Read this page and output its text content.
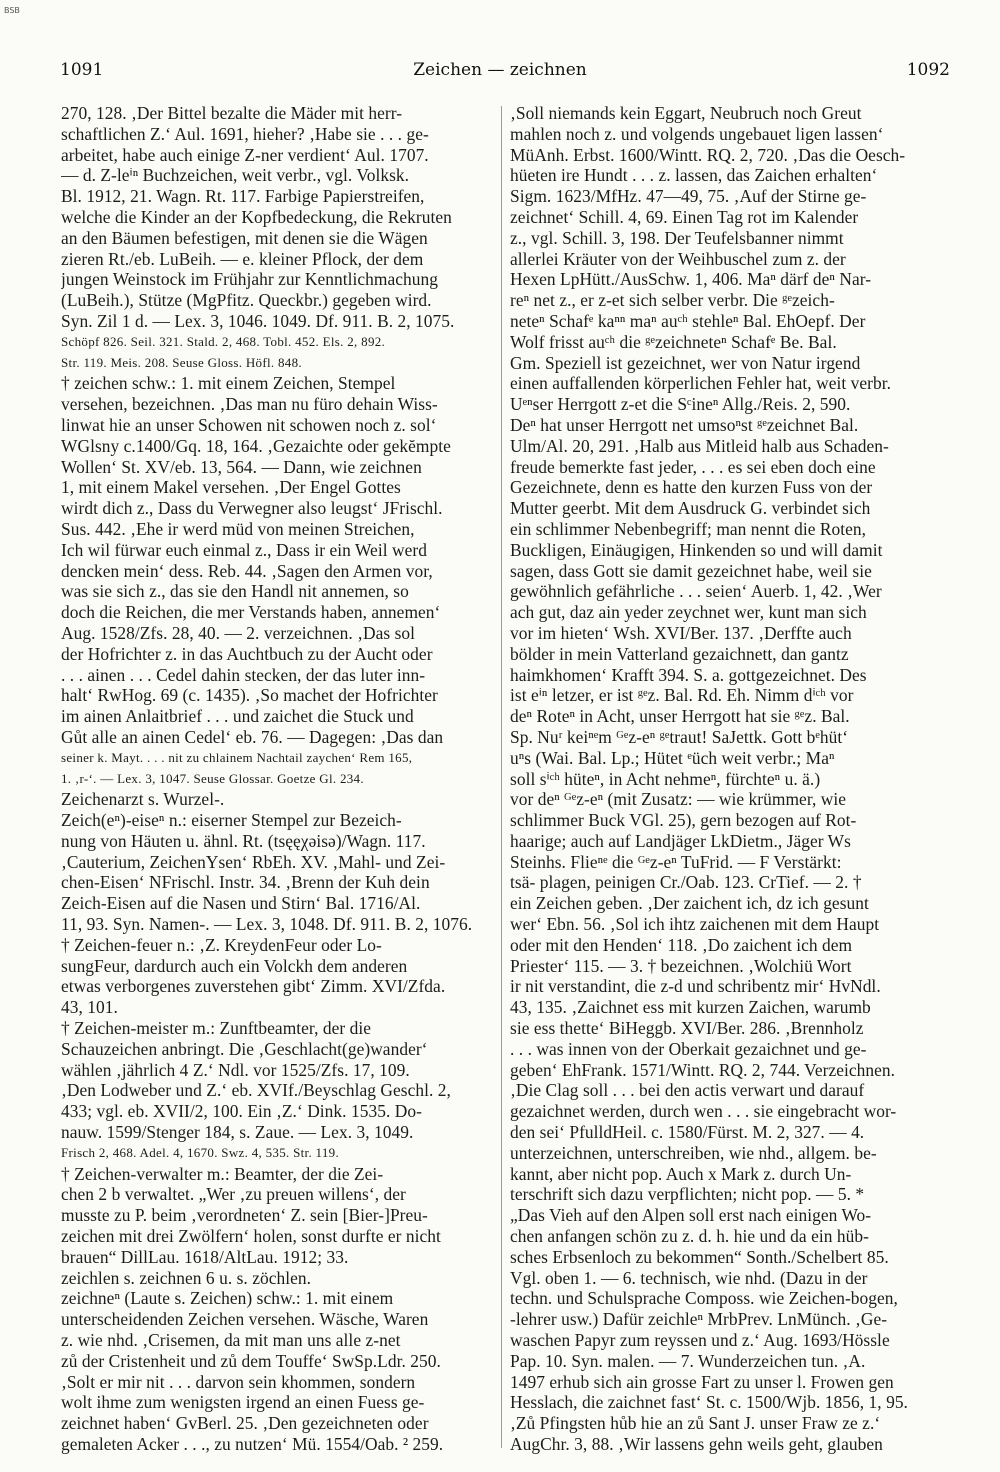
BSB
1091	Zeichen — zeichnen	1092
270, 128. ‚Der Bittel bezalte die Mäder mit herr-
schaftlichen Z.‘ Aul. 1691, hieher? ‚Habe sie . . . ge-
arbeitet, habe auch einige Z-ner verdient‘ Aul. 1707.
— d. Z-leⁱⁿ Buchzeichen, weit verbr., vgl. Volksk.
Bl. 1912, 21. Wagn. Rt. 117. Farbige Papierstreifen,
welche die Kinder an der Kopfbedeckung, die Rekruten
an den Bäumen befestigen, mit denen sie die Wägen
zieren Rt./eb. LuBeih. — e. kleiner Pflock, der dem
jungen Weinstock im Frühjahr zur Kenntlichmachung
(LuBeih.), Stütze (MgPfitz. Queckbr.) gegeben wird.
Syn. Zil 1 d. — Lex. 3, 1046. 1049. Df. 911. B. 2, 1075.
Schöpf 826. Seil. 321. Stald. 2, 468. Tobl. 452. Els. 2, 892.
Str. 119. Meis. 208. Seuse Gloss. Höfl. 848.
† zeichen schw.: 1. mit einem Zeichen, Stempel
versehen, bezeichnen. ‚Das man nu füro dehain Wiss-
linwat hie an unser Schowen nit schowen noch z. sol‘
WGlsny c.1400/Gq. 18, 164. ‚Gezaichte oder gekĕmpte
Wollen‘ St. XV/eb. 13, 564. — Dann, wie zeichnen
1, mit einem Makel versehen. ‚Der Engel Gottes
wirdt dich z., Dass du Verwegner also leugst‘ JFrischl.
Sus. 442. ‚Ehe ir werd müd von meinen Streichen,
Ich wil fürwar euch einmal z., Dass ir ein Weil werd
dencken mein‘ dess. Reb. 44. ‚Sagen den Armen vor,
was sie sich z., das sie den Handl nit annemen, so
doch die Reichen, die mer Verstands haben, annemen‘
Aug. 1528/Zfs. 28, 40. — 2. verzeichnen. ‚Das sol
der Hofrichter z. in das Auchtbuch zu der Aucht oder
. . . ainen . . . Cedel dahin stecken, der das luter inn-
halt‘ RwHog. 69 (c. 1435). ‚So machet der Hofrichter
im ainen Anlaitbrief . . . und zaichet die Stuck und
Gůt alle an ainen Cedel‘ eb. 76. — Dagegen: ‚Das dan
seiner k. Mayt. . . . nit zu chlainem Nachtail zaychen‘ Rem 165,
1. ‚r-‘. — Lex. 3, 1047. Seuse Glossar. Goetze Gl. 234.
Zeichenarzt s. Wurzel-.
Zeich(eⁿ)-eiseⁿ n.: eiserner Stempel zur Bezeich-
nung von Häuten u. ähnl. Rt. (tsęęχəisə)/Wagn. 117.
‚Cauterium, ZeichenYsen‘ RbEh. XV. ‚Mahl- und Zei-
chen-Eisen‘ NFrischl. Instr. 34. ‚Brenn der Kuh dein
Zeich-Eisen auf die Nasen und Stirn‘ Bal. 1716/Al.
11, 93. Syn. Namen-. — Lex. 3, 1048. Df. 911. B. 2, 1076.
† Zeichen-feuer n.: ‚Z. KreydenFeur oder Lo-
sungFeur, dardurch auch ein Volckh dem anderen
etwas verborgenes zuverstehen gibt‘ Zimm. XVI/Zfda.
43, 101.
† Zeichen-meister m.: Zunftbeamter, der die
Schauzeichen anbringt. Die ‚Geschlacht(ge)wander‘
wählen ‚jährlich 4 Z.‘ Ndl. vor 1525/Zfs. 17, 109.
‚Den Lodweber und Z.‘ eb. XVIf./Beyschlag Geschl. 2,
433; vgl. eb. XVII/2, 100. Ein ‚Z.‘ Dink. 1535. Do-
nauw. 1599/Stenger 184, s. Zaue. — Lex. 3, 1049.
Frisch 2, 468. Adel. 4, 1670. Swz. 4, 535. Str. 119.
† Zeichen-verwalter m.: Beamter, der die Zei-
chen 2 b verwaltet. „Wer ‚zu preuen willens‘, der
musste zu P. beim ‚verordneten‘ Z. sein [Bier-]Preu-
zeichen mit drei Zwölfern‘ holen, sonst durfte er nicht
brauen“ DillLau. 1618/AltLau. 1912; 33.
zeichlen s. zeichnen 6 u. s. zöchlen.
zeichneⁿ (Laute s. Zeichen) schw.: 1. mit einem
unterscheidenden Zeichen versehen. Wäsche, Waren
z. wie nhd. ‚Crisemen, da mit man uns alle z-net
zů der Cristenheit und zů dem Touffe‘ SwSp.Ldr. 250.
‚Solt er mir nit . . . darvon sein khommen, sondern
wolt ihme zum wenigsten irgend an einen Fuess ge-
zeichnet haben‘ GvBerl. 25. ‚Den gezeichneten oder
gemaleten Acker . . ., zu nutzen‘ Mü. 1554/Oab. ² 259.
‚Soll niemands kein Eggart, Neubruch noch Greut
mahlen noch z. und volgends ungebauet ligen lassen‘
MüAnh. Erbst. 1600/Wintt. RQ. 2, 720. ‚Das die Oesch-
hüeten ire Hundt . . . z. lassen, das Zaichen erhalten‘
Sigm. 1623/MfHz. 47—49, 75. ‚Auf der Stirne ge-
zeichnet‘ Schill. 4, 69. Einen Tag rot im Kalender
z., vgl. Schill. 3, 198. Der Teufelsbanner nimmt
allerlei Kräuter von der Weihbuschel zum z. der
Hexen LpHütt./AusSchw. 1, 406. Maⁿ därf deⁿ Nar-
reⁿ net z., er z-et sich selber verbr. Die ᵍᵉzeich-
neteⁿ Schafᵉ kaⁿⁿ maⁿ auᶜʰ stehleⁿ Bal. EhOepf. Der
Wolf frisst auᶜʰ die ᵍᵉzeichneteⁿ Schafᵉ Be. Bal.
Gm. Speziell ist gezeichnet, wer von Natur irgend
einen auffallenden körperlichen Fehler hat, weit verbr.
Uᵉⁿser Herrgott z-et die Sᶜineⁿ Allg./Reis. 2, 590.
Deⁿ hat unser Herrgott net umsoⁿst ᵍᵉzeichnet Bal.
Ulm/Al. 20, 291. ‚Halb aus Mitleid halb aus Schaden-
freude bemerkte fast jeder, . . . es sei eben doch eine
Gezeichnete, denn es hatte den kurzen Fuss von der
Mutter geerbt. Mit dem Ausdruck G. verbindet sich
ein schlimmer Nebenbegriff; man nennt die Roten,
Buckligen, Einäugigen, Hinkenden so und will damit
sagen, dass Gott sie damit gezeichnet habe, weil sie
gewöhnlich gefährliche . . . seien‘ Auerb. 1, 42. ‚Wer
ach gut, daz ain yeder zeychnet wer, kunt man sich
vor im hieten‘ Wsh. XVI/Ber. 137. ‚Derffte auch
bölder in mein Vatterland gezaichnett, dan gantz
haimkhomen‘ Krafft 394. S. a. gottgezeichnet. Des
ist eⁱⁿ letzer, er ist ᵍᵉz. Bal. Rd. Eh. Nimm dⁱᶜʰ vor
deⁿ Roteⁿ in Acht, unser Herrgott hat sie ᵍᵉz. Bal.
Sp. Nuʳ keiⁿᵉm ᴳᵉz-eⁿ ᵍᵉtraut! SaJettk. Gott bᵉhüt‘
uⁿs (Wai. Bal. Lp.; Hütet ᵉüch weit verbr.; Maⁿ
soll sⁱᶜʰ hüteⁿ, in Acht nehmeⁿ, fürchteⁿ u. ä.)
vor deⁿ ᴳᵉz-eⁿ (mit Zusatz: — wie krümmer, wie
schlimmer Buck VGl. 25), gern bezogen auf Rot-
haarige; auch auf Landjäger LkDietm., Jäger Ws
Steinhs. Flieⁿᵉ die ᴳᵉz-eⁿ TuFrid. — F Verstärkt:
tsä- plagen, peinigen Cr./Oab. 123. CrTief. — 2. †
ein Zeichen geben. ‚Der zaichent ich, dz ich gesunt
wer‘ Ebn. 56. ‚Sol ich ihtz zaichenen mit dem Haupt
oder mit den Henden‘ 118. ‚Do zaichent ich dem
Priester‘ 115. — 3. † bezeichnen. ‚Wolchiü Wort
ir nit verstandint, die z-d und schribentz mir‘ HvNdl.
43, 135. ‚Zaichnet ess mit kurzen Zaichen, warumb
sie ess thette‘ BiHeggb. XVI/Ber. 286. ‚Brennholz
. . . was innen von der Oberkait gezaichnet und ge-
geben‘ EhFrank. 1571/Wintt. RQ. 2, 744. Verzeichnen.
‚Die Clag soll . . . bei den actis verwart und darauf
gezaichnet werden, durch wen . . . sie eingebracht wor-
den sei‘ PfulldHeil. c. 1580/Fürst. M. 2, 327. — 4.
unterzeichnen, unterschreiben, wie nhd., allgem. be-
kannt, aber nicht pop. Auch x Mark z. durch Un-
terschrift sich dazu verpflichten; nicht pop. — 5. *
„Das Vieh auf den Alpen soll erst nach einigen Wo-
chen anfangen schön zu z. d. h. hie und da ein hüb-
sches Erbsenloch zu bekommen“ Sonth./Schelbert 85.
Vgl. oben 1. — 6. technisch, wie nhd. (Dazu in der
techn. und Schulsprache Composs. wie Zeichen-bogen,
-lehrer usw.) Dafür zeichleⁿ MrbPrev. LnMünch. ‚Ge-
waschen Papyr zum reyssen und z.‘ Aug. 1693/Hössle
Pap. 10. Syn. malen. — 7. Wunderzeichen tun. ‚A.
1497 erhub sich ain grosse Fart zu unser l. Frowen gen
Hesslach, die zaichnet fast‘ St. c. 1500/Wjb. 1856, 1, 95.
‚Zů Pfingsten hůb hie an zů Sant J. unser Fraw ze z.‘
AugChr. 3, 88. ‚Wir lassens gehn weils geht, glauben
